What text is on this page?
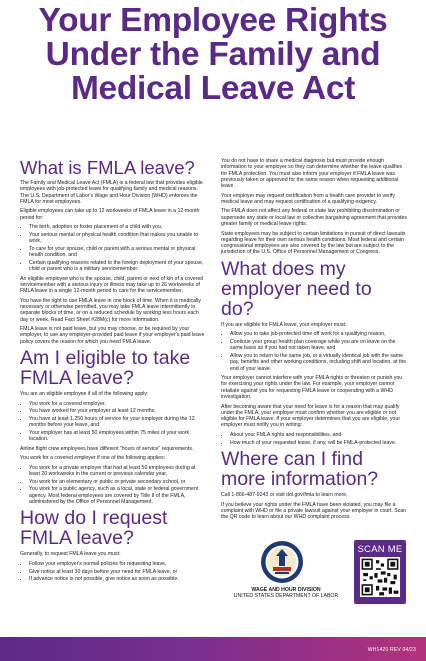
Your Employee Rights Under the Family and Medical Leave Act
What is FMLA leave?

The Family and Medical Leave Act (FMLA) is a federal law that provides eligible employees with job-protected leave for qualifying family and medical reasons. The U.S. Department of Labor's Wage and Hour Division (WHD) enforces the FMLA for most employees.

Eligible employees can take up to 12 workweeks of FMLA leave in a 12-month period for:

• The birth, adoption or foster placement of a child with you,
• Your serious mental or physical health condition that makes you unable to work,
• To care for your spouse, child or parent with a serious mental or physical health condition, and
• Certain qualifying reasons related to the foreign deployment of your spouse, child or parent who is a military servicemember.

An eligible employee who is the spouse, child, parent or next of kin of a covered servicemember with a serious injury or illness may take up to 26 workweeks of FMLA leave in a single 12-month period to care for the servicemember.

You have the right to use FMLA leave in one block of time. When it is medically necessary or otherwise permitted, you may take FMLA leave intermittently in separate blocks of time, or on a reduced schedule by working less hours each day or week. Read Fact Sheet #28M(c) for more information.

FMLA leave is not paid leave, but you may choose, or be required by your employer, to use any employer-provided paid leave if your employer's paid leave policy covers the reason for which you need FMLA leave.

Am I eligible to take FMLA leave?

You are an eligible employee if all of the following apply:

• You work for a covered employer,
• You have worked for your employer at least 12 months,
• You have at least 1,250 hours of service for your employer during the 12 months before your leave, and
• Your employer has at least 50 employees within 75 miles of your work location.

Airline flight crew employees have different "hours of service" requirements.

You work for a covered employer if one of the following applies:

• You work for a private employer that had at least 50 employees during at least 20 workweeks in the current or previous calendar year,
• You work for an elementary or public or private secondary school, or
• You work for a public agency, such as a local, state or federal government agency. Most federal employees are covered by Title II of the FMLA, administered by the Office of Personnel Management.
How do I request FMLA leave?

Generally, to request FMLA leave you must:

• Follow your employer's normal policies for requesting leave,
• Give notice at least 30 days before your need for FMLA leave, or
• If advance notice is not possible, give notice as soon as possible.

You do not have to share a medical diagnosis but must provide enough information to your employer so they can determine whether the leave qualifies for FMLA protection. You must also inform your employer if FMLA leave was previously taken or approved for the same reason when requesting additional leave.

Your employer may request certification from a health care provider to verify medical leave and may request certification of a qualifying exigency.

The FMLA does not affect any federal or state law prohibiting discrimination or supersede any state or local law or collective bargaining agreement that provides greater family or medical leave rights.

State employees may be subject to certain limitations in pursuit of direct lawsuits regarding leave for their own serious health conditions. Most federal and certain congressional employees are also covered by the law but are subject to the jurisdiction of the U.S. Office of Personnel Management or Congress.

What does my employer need to do?

If you are eligible for FMLA leave, your employer must:

• Allow you to take job-protected time off work for a qualifying reason,
• Continue your group health plan coverage while you are on leave on the same basis as if you had not taken leave, and
• Allow you to return to the same job, or a virtually identical job with the same pay, benefits and other working conditions, including shift and location, at the end of your leave.

Your employer cannot interfere with your FMLA rights or threaten or punish you for exercising your rights under the law. For example, your employer cannot retaliate against you for requesting FMLA leave or cooperating with a WHD investigation.

After becoming aware that your need for leave is for a reason that may qualify under the FMLA, your employer must confirm whether you are eligible or not eligible for FMLA leave. If your employer determines that you are eligible, your employer must notify you in writing:

• About your FMLA rights and responsibilities, and
• How much of your requested leave, if any, will be FMLA-protected leave.
Where can I find more information?

Call 1-866-487-9243 or visit dol.gov/fmla to learn more.

If you believe your rights under the FMLA have been violated, you may file a complaint with WHD or file a private lawsuit against your employer in court. Scan the QR code to learn about our WHD complaint process.

WAGE AND HOUR DIVISION
UNITED STATES DEPARTMENT OF LABOR
SCAN ME
WH1420 REV 04/23
